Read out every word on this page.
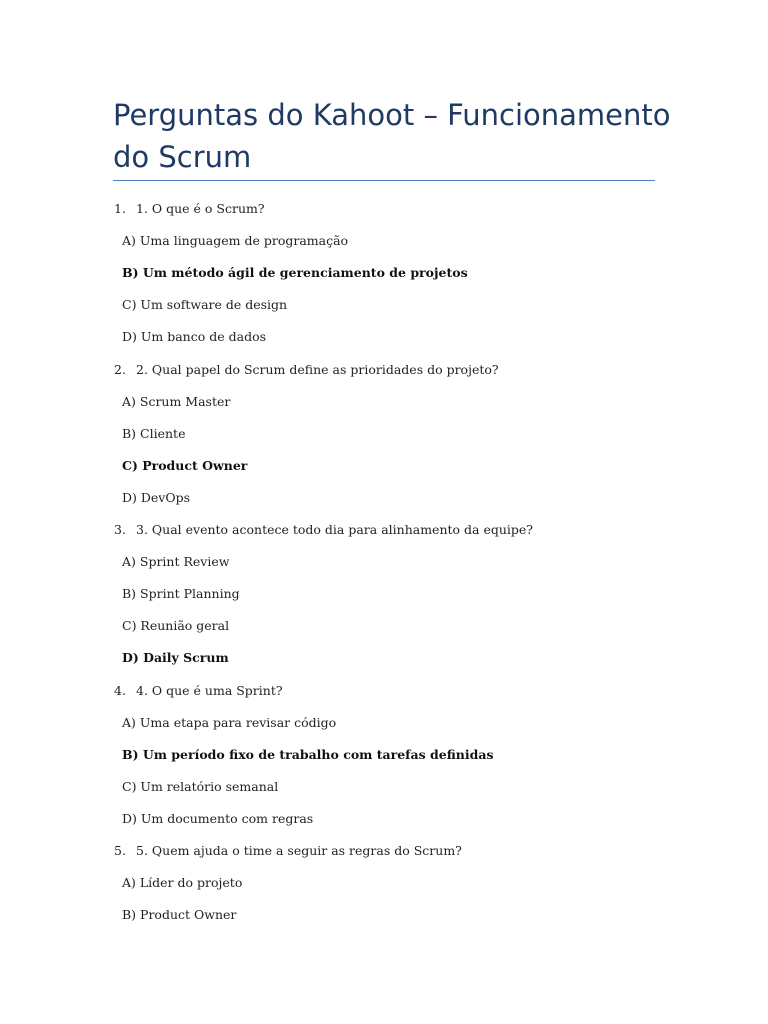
Perguntas do Kahoot – Funcionamento do Scrum
1. 1. O que é o Scrum?
A) Uma linguagem de programação
B) Um método ágil de gerenciamento de projetos
C) Um software de design
D) Um banco de dados
2. 2. Qual papel do Scrum define as prioridades do projeto?
A) Scrum Master
B) Cliente
C) Product Owner
D) DevOps
3. 3. Qual evento acontece todo dia para alinhamento da equipe?
A) Sprint Review
B) Sprint Planning
C) Reunião geral
D) Daily Scrum
4. 4. O que é uma Sprint?
A) Uma etapa para revisar código
B) Um período fixo de trabalho com tarefas definidas
C) Um relatório semanal
D) Um documento com regras
5. 5. Quem ajuda o time a seguir as regras do Scrum?
A) Líder do projeto
B) Product Owner
